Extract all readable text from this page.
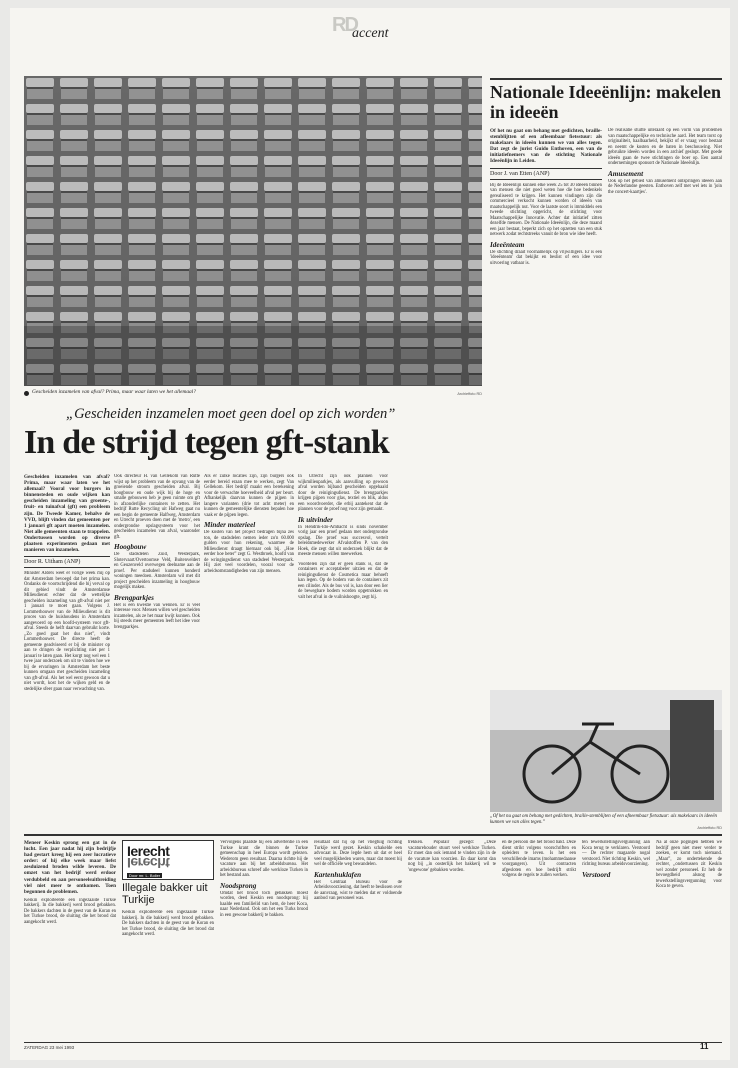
RD
accent
Gescheiden inzamelen van afval? Prima, maar waar laten we het allemaal?	Archieffoto RD
„Gescheiden inzamelen moet geen doel op zich worden”
In de strijd tegen gft-stank
Gescheiden inzamelen van afval? Prima, maar waar laten we het allemaal? Vooral voor burgers in binnensteden en oude wijken kan gescheiden inzameling van groente-, fruit- en tuinafval (gft) een probleem zijn. De Tweede Kamer, behalve de VVD, blijft vinden dat gemeenten per 1 januari gft apart moeten inzamelen. Niet alle gemeenten staan te trappelen. Ondertussen worden op diverse plaatsen experimenten gedaan met manieren van inzamelen.
Door R. Uitham (ANP)
Minister Alders weet er vorige week mij op dat Amsterdam bevoegd dat het prima kan. Ondanks de voortschrijdend die bij verval op dit gebied vindt de Amsterdamse Milieudienst echter dat de wettelijke gescheiden inzameling van gft-afval niet per 1 januari te moet gaan. Volgens J. Lommerhouwer van de Milieudienst is dit proces van de huishoudens in Amsterdam aangevoerd op een hoofd-systeem voor gft-afval. Steeds de helft daarvan gebruikt korte. ,,Zo goed gaat het dus niet”, vindt Lommerhouwer. De directe heeft de gemeente geadviseerd er bij de minister op aan te dringen de verplichting niet per 1 januari te laten gaan. Het korgt nog wel een 1 twee jaar onderzoek om uit te vinden hoe we bij de ervaringen in Amsterdam het beste kunnen omgaan met gescheiden inzameling van gft-afval. Als het wel eerst gewoon dat u niet wordt, kost het de wijken geld en de stedelijke sfeer gaan naar verwachting van.
Ook directeur H. van Gellekom van Rutte wijst op het probleem van de opvang van de groeiende stroom gescheiden afval. Bij hoogbouw en oude wijk bij de hoge en smalle gebouwen heb je geen ruimte om gft in afzonderlijke containers te zetten. Het bedrijf Rutte Recycling uit Hafweg gaat nu een begin de gemeente Halfweg, Amsterdam en Utrecht proeven doen met de 'metro', een ondergrondse opslagsysteem voor het gescheiden inzamelen van afval, waaronder gft.
Hoogbouw
De stadsdelen Zuid, Westerpark, Slotervaart/Overtoomse Veld, Buitenveldert en Geuzenveld overwegen deelname aan de proef. Per stadsdeel kunnen honderd woningen meedoen. Amsterdam wil met dit project gescheiden inzameling in hoogbouw mogelijk maken.
Brengparkjes
Het is een kwestie van wennen. Er is veel interesse voor. Mensen willen wel gescheiden inzamelen, als ze het maar kwijt kunnen. Ook bij steeds meer gemeenten leeft het idee voor brengparkjes.
Als er zulke locaties zijn, zijn burgers ook eerder bereid eraan mee te werken, zegt Van Gellekom. Het bedrijf maakt een berekening voor de verwachte hoeveelheid afval per beurt. Afhankelijk daarvan kunnen de pijpen in langere varianten (drie tot acht meter) en kunnen de gemeentelijke diensten bepalen hoe vaak er de pijpen legen.
Minder materieel
De kosten van het project bedragen bijna zes ton, de stadsdelen nemen ieder zo'n 60.000 gulden voor hun rekening, waarmee de Milieudienst draagt hiernaar ook bij. ,,Hoe eerder hoe beter” zegt G. Westbroek, hoofd van de wringingsdienst van stadsdeel Westerpark. Hij ziet veel voordelen, vooral voor de arbeidsomstandigheden van zijn mensen.
In Utrecht zijn ook plannen voor wijkmilieuparkjes, als aanvulling op gewoon afval worden bijband gescheiden opgehaald door de reinigingsdienst. De brengparkjes krijgen pijpen voor glas, textiel en blik, aldus een woordvoerder, die erbij aantekent dat de plannen voor de proef nog voor zijn gemaakt.
Ik uitvinder
In Hendrik-Ido-Ambacht is sinds november vorig jaar een proef gedaan met ondergrondse opslag. Die proef was succesvol, vertelt beleidsmedewerker Afvalstoffen P. van den Hoek, die zegt dat uit onderzoek blijkt dat de meeste mensen willen meewerken.
Voordelen zijn dat er geen stank is, dat de containers er acceptabeler uitzien en dat de reinigingsdienst de Cosmetica maar behoeft kan legen. Op de bodem van de containers zit een cilinder. Als de bus vol is, kan door een lier de bewegbare bodem worden opgetrokken en valt het afval in de vuilnishoogte, zegt hij.
Nationale Ideeënlijn: makelen in ideeën
Of het nu gaat om behang met gedichten, braille-stemblijtten of een afleembaar fietsstuur: als makelaars in ideeën kunnen we van alles tegen. Dat zegt de jurist Guido Enthoven, een van de initiatiefnemers van de stichting Nationale Ideeënlijn in Leiden.
Door J. van Etten (ANP)
Bij de Ideeënlijn kunnen elke week 25 tot 30 ideeën binnen van mensen die niet goed weten hoe die hoe bedenkels gerealiseerd te krijgen. Het kunnen vindingen zijn die commercieel verkocht kunnen worden of ideeën van maatschappelijk nut. Voor de laatste soort is immiddels een tweede stichting opgericht, de stichting voor Maatschappelijke Innovatie. Achter dat initiatief zitten dezelfde mensen. De Nationale Ideeënlijn, die deze maand een jaar bestaat, beperkt zich op het opzetten van een stuk netwerk zodat rechtstreeks vanuit de bron wie idee heeft.
Ideeënteam
De stichting draait voornamelijk op vrijwilligers. Er is een 'ideeënteam' dat bekijkt en beslist of een idee voor uitvoering vatbaar is.
De realisatie stuitte uiteraard op een vorm van problemen van maatschappelijke en technische aard. Het team torst op originaliteit, haalbaarheid, bekijkt of er vraag voor bestaat en neemt de kosten en de baten in beschouwing. Niet gebruikte ideeën worden in een archief geslopt. Met goede ideeën gaan de twee stichtingen de boer op. Een aantal ondernemingen sponsort de Nationale Ideeënlijn.
Amusement
Ook op het gebied van amusement ontspringen ideeën aan de Nederlandse geesten. Enthoven zelf met wel iets in 'join the concert-kaartjes'.
„Of het nu gaat om behang met gedichten, braille-stemblijten of een afneembaar fietsstuur: als makelaars in ideeën kunnen we van alles tegen.”
Archieffoto RD
Meneer Keskin sprong een gat in de lucht. Een jaar nadat hij zijn bedrijfje had gestart kreeg hij een zeer lucratieve order: of hij elke week maar liefst zesduizend broden wilde leveren. De omzet van het bedrijf werd erdoor verdubbeld en aan personeelsuitbreiding viel niet meer te ontkomen. Toen begonnen de problemen.
Keskin exploiteerde een ingezaaide Turkse bakkerij. In die bakkerij werd brood gebakken. De bakkers dachten in de geest van de Koran en het Turkse brood, de sluiting die het brood dat aangekocht werd.
Ierecht
Ierecht
Door mr. L. Bolier
Illegale bakker uit Turkije
Keskin exploiteerde een ingezaaide Turkse bakkerij. In die bakkerij werd brood gebakken. De bakkers dachten in de geest van de Koran en het Turkse brood, de sluiting die het brood dat aangekocht werd.
Vervolgens plaatste hij een advertentie in een Turkse krant die binnen de Turkse gemeenschap in heel Europa wordt gelezen. Wederom geen resultaat. Daarna richtte hij de vacature aan bij het arbeidsbureau. Het arbeidsbureau schreef alle werkloze Turken in het bestand aan.
Noodsprong
Omdat het brood toch gebakken moest worden, deed Keskin een noodsprong: hij haalde een familielid van hem, de heer Koca, naar Nederland. Ook om het een Turks brood in een gewone bakkerij te bakken.
resultaat dat hij op het vliegtuig richting Turkije werd gezet. Keskin schakelde een advocaat in. Deze legde hem uit dat er heel veel mogelijkheden waren, maar dat moest hij wel de officiële weg bewandelen.
Kartenhuklafen
Het Centraal Bureau voor de Arbeidsvoorziening, dat heeft te beslissen over de aanvraag, wist te melden dat er voldoende aanbod van personeel was.
trekken. Populair gezegd: ,,Deze vacaturehouder stuurt veel werkloze Turken. Er moet dan ook iemand te vinden zijn in de de vacature kan voorzien. En daar komt dan nog bij ,,in oosterlijk het bakkerij wil te 'ongewone' gebakken worden.
en de persoon die het brood bakt. Deze dient strikt volgens voorschriften en opleiders te leven. Is het een verschillende imams (mohammedaanse voorgangers). Uit contracten afgesloten en hoe bedrijft strikt volgens de regels te zullen werken.
ten tewerkstellingsvergunning aan Koca terug te verklaren. Verstoord — De rechter magaarde nogal verstoord. Niet richting Keskin, wel richting bureau arbeidsvoorziening.
Verstoord
Na al onze pogingen hebben we bedrijf geen niet meer verder te zoeken, er komt toch niemand. ,,Maar”, zo ondertekende de rechter, ,,ondertussen zit Keskin wel zonder personeel. Er heb de bevoegdheid alsnog de tewerkstellingsvergunning voor Koca te geven.
ZATERDAG 23 mei 1993	11
